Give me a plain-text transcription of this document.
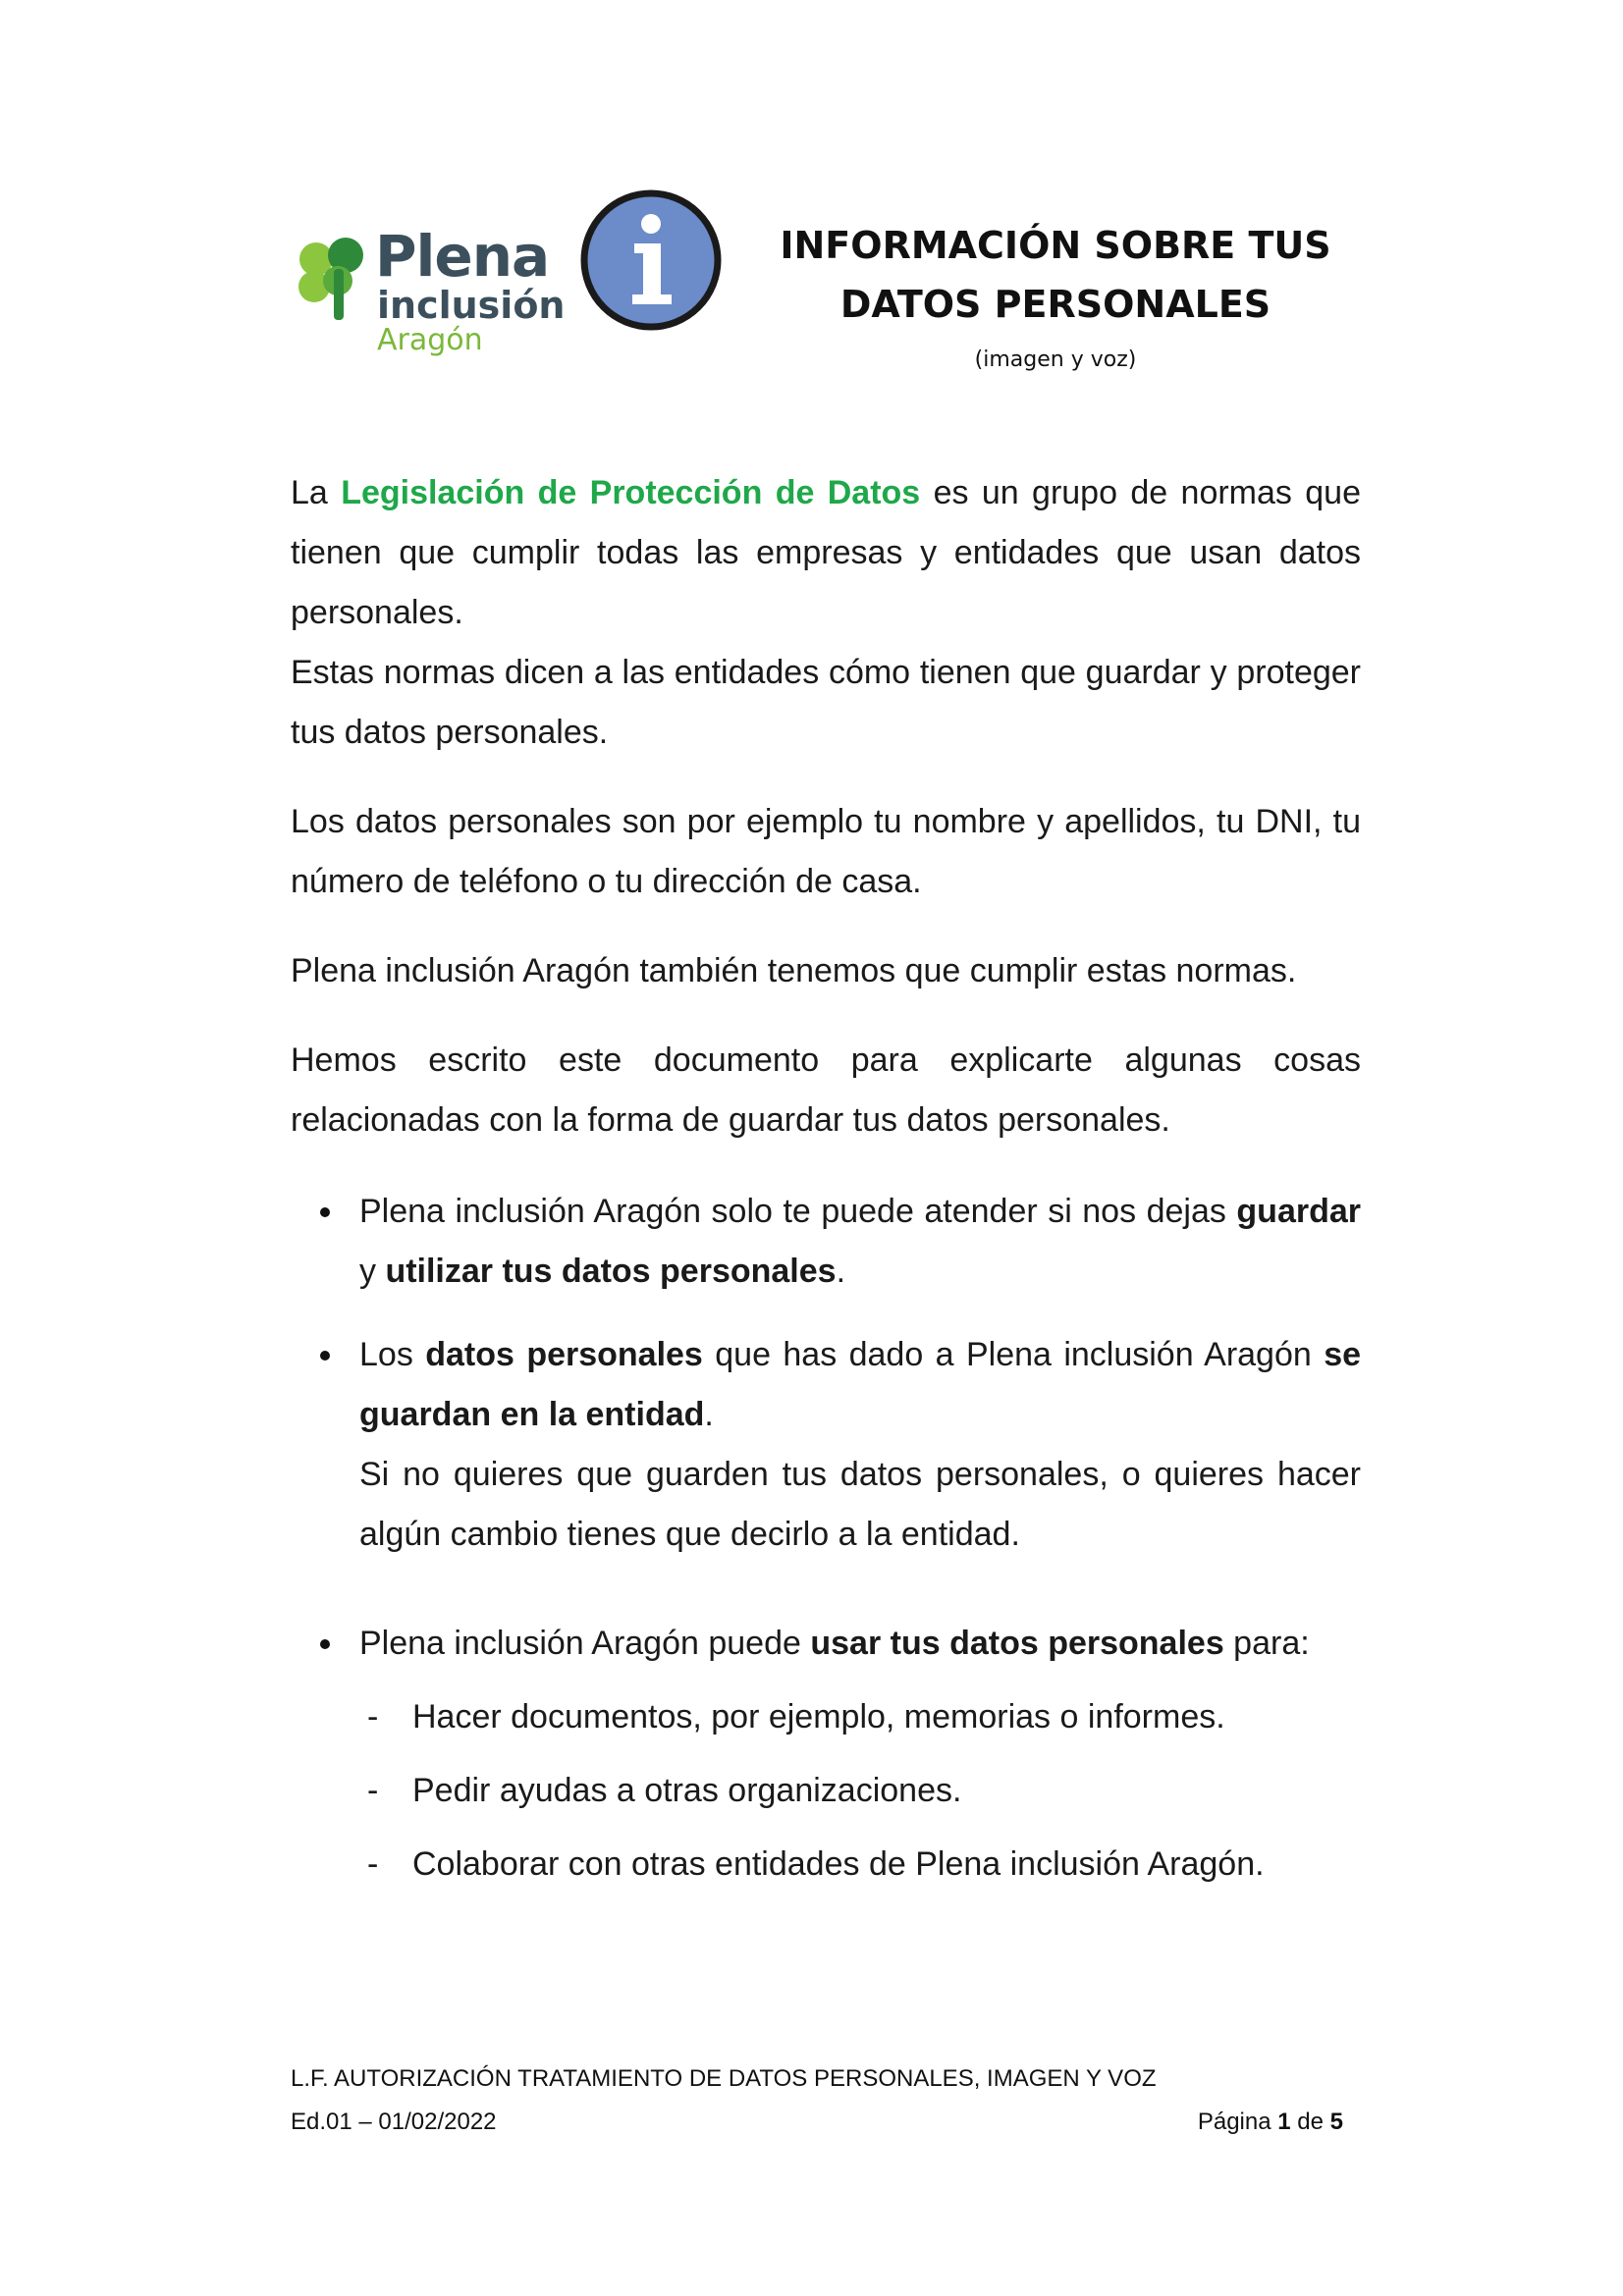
Plena
inclusión
Aragón
INFORMACIÓN SOBRE TUS
DATOS PERSONALES
(imagen y voz)

La Legislación de Protección de Datos es un grupo de normas que tienen que cumplir todas las empresas y entidades que usan datos personales.
Estas normas dicen a las entidades cómo tienen que guardar y proteger tus datos personales.

Los datos personales son por ejemplo tu nombre y apellidos, tu DNI, tu número de teléfono o tu dirección de casa.

Plena inclusión Aragón también tenemos que cumplir estas normas.

Hemos escrito este documento para explicarte algunas cosas relacionadas con la forma de guardar tus datos personales.

Plena inclusión Aragón solo te puede atender si nos dejas guardar y utilizar tus datos personales.
Los datos personales que has dado a Plena inclusión Aragón se guardan en la entidad.
Si no quieres que guarden tus datos personales, o quieres hacer algún cambio tienes que decirlo a la entidad.
Plena inclusión Aragón puede usar tus datos personales para:
- Hacer documentos, por ejemplo, memorias o informes.
- Pedir ayudas a otras organizaciones.
- Colaborar con otras entidades de Plena inclusión Aragón.
L.F. AUTORIZACIÓN TRATAMIENTO DE DATOS PERSONALES, IMAGEN Y VOZ
Ed.01 – 01/02/2022	Página 1 de 5
